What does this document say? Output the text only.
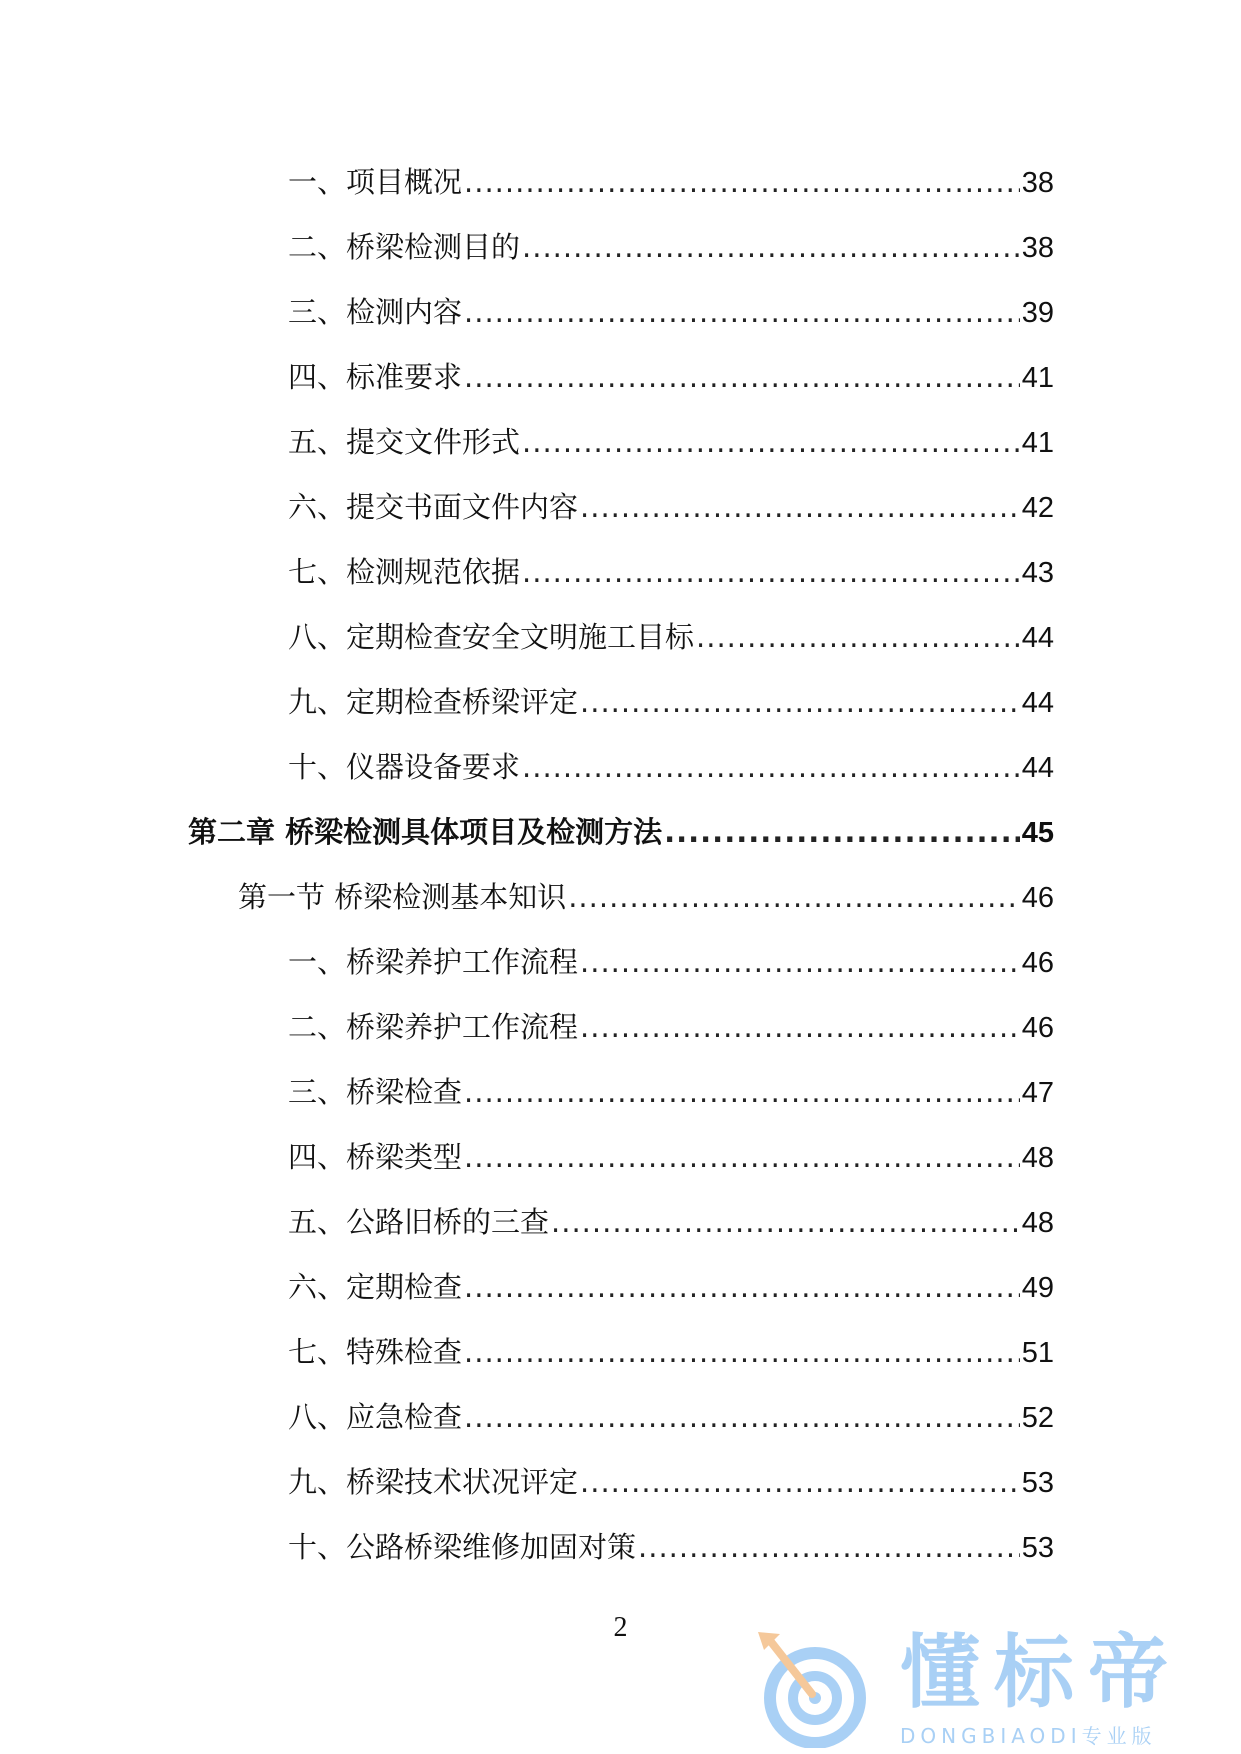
一、项目概况 .....	38
二、桥梁检测目的 .....	38
三、检测内容 .....	39
四、标准要求 .....	41
五、提交文件形式 .....	41
六、提交书面文件内容 .....	42
七、检测规范依据 .....	43
八、定期检查安全文明施工目标 .....	44
九、定期检查桥梁评定 .....	44
十、仪器设备要求 .....	44
第二章 桥梁检测具体项目及检测方法 .....	45
第一节 桥梁检测基本知识 .....	46
一、桥梁养护工作流程 .....	46
二、桥梁养护工作流程 .....	46
三、桥梁检查 .....	47
四、桥梁类型 .....	48
五、公路旧桥的三查 .....	48
六、定期检查 .....	49
七、特殊检查 .....	51
八、应急检查 .....	52
九、桥梁技术状况评定 .....	53
十、公路桥梁维修加固对策 .....	53
2	懂标帝
DONGBIAODI专业版
